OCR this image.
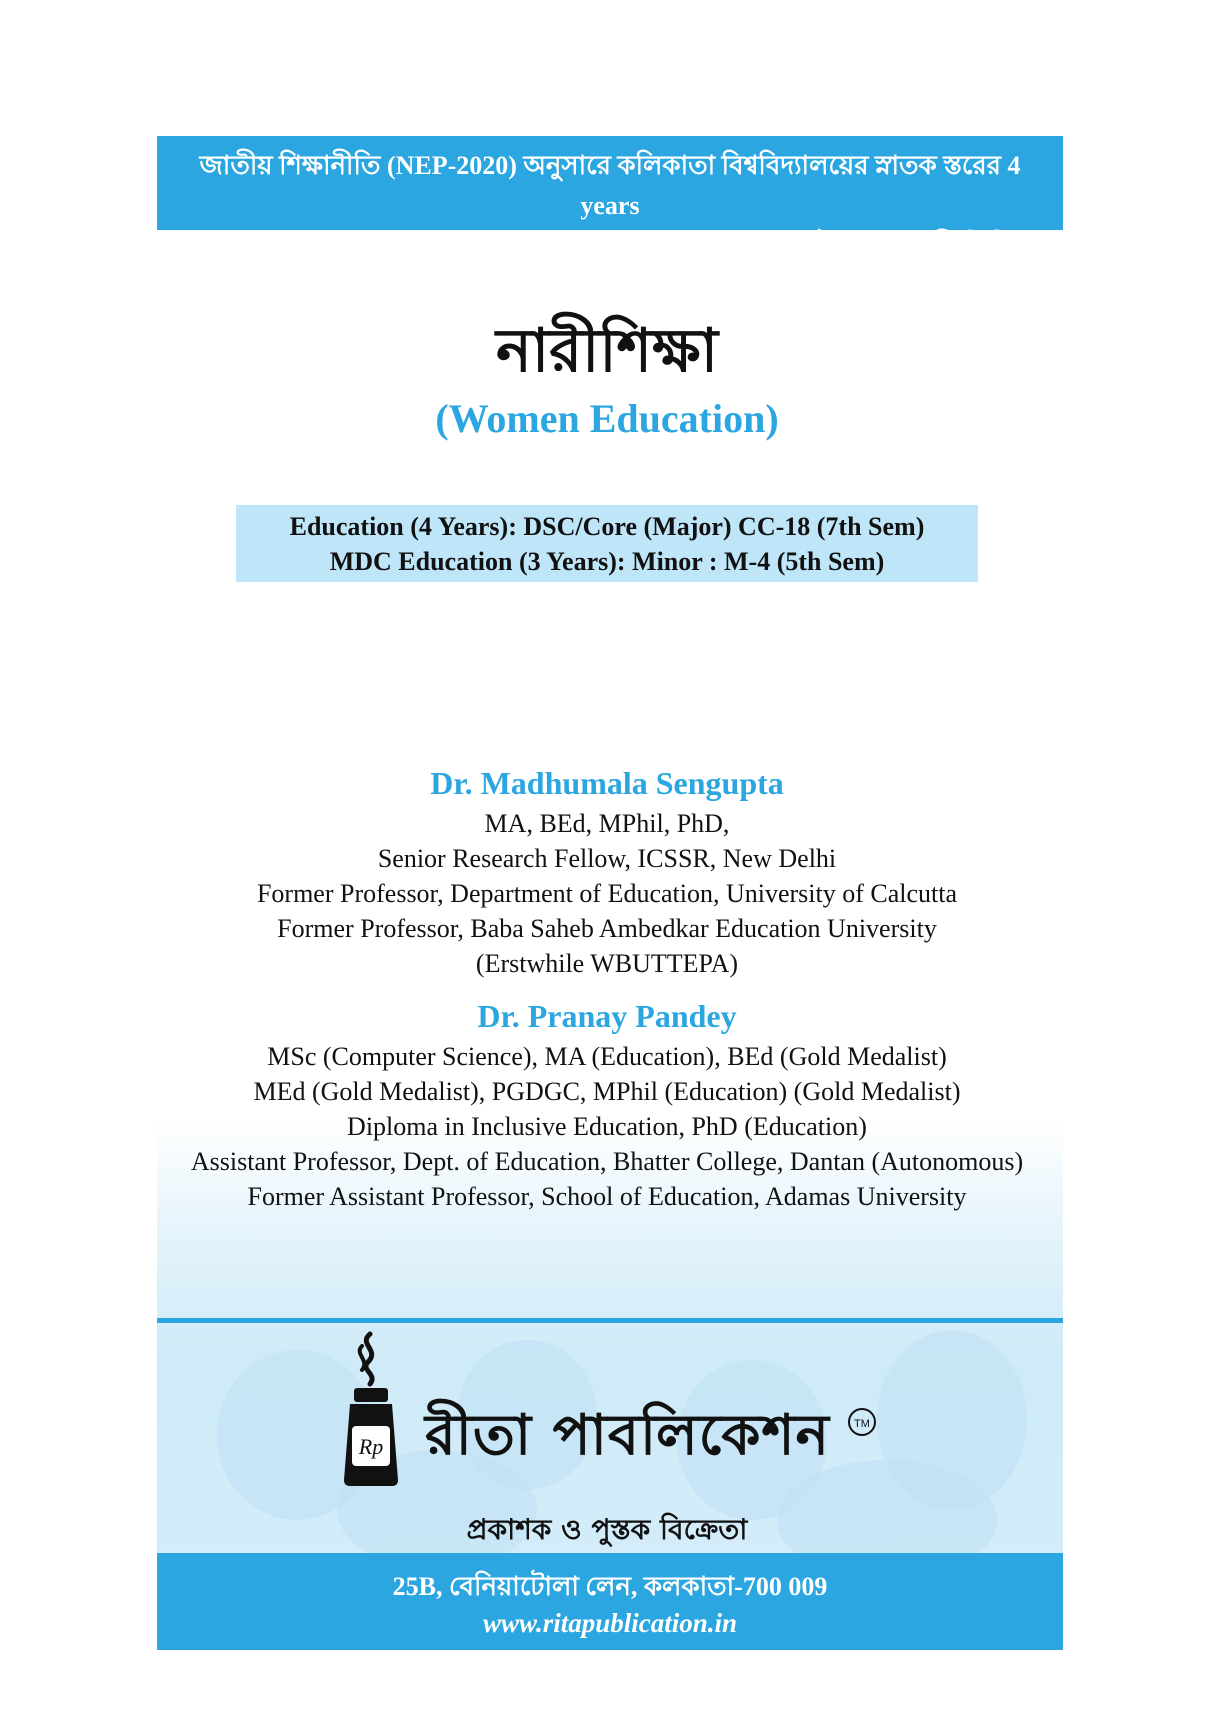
জাতীয় শিক্ষানীতি (NEP-2020) অনুসারে কলিকাতা বিশ্ববিদ্যালয়ের স্নাতক স্তরের 4 years
Major and 3 years MDC Course in Education-এর নতুন পাঠক্রম অনুযায়ী লিখিত।
নারীশিক্ষা
(Women Education)
Education (4 Years): DSC/Core (Major) CC-18 (7th Sem)
MDC Education (3 Years): Minor : M-4 (5th Sem)
Dr. Madhumala Sengupta
MA, BEd, MPhil, PhD,
Senior Research Fellow, ICSSR, New Delhi
Former Professor, Department of Education, University of Calcutta
Former Professor, Baba Saheb Ambedkar Education University
(Erstwhile WBUTTEPA)
Dr. Pranay Pandey
MSc (Computer Science), MA (Education), BEd (Gold Medalist)
MEd (Gold Medalist), PGDGC, MPhil (Education) (Gold Medalist)
Diploma in Inclusive Education, PhD (Education)
Assistant Professor, Dept. of Education, Bhatter College, Dantan (Autonomous)
Former Assistant Professor, School of Education, Adamas University
Rp রীতা পাবলিকেশন	TM
প্রকাশক ও পুস্তক বিক্রেতা
25B, বেনিয়াটোলা লেন, কলকাতা-700 009
www.ritapublication.in
